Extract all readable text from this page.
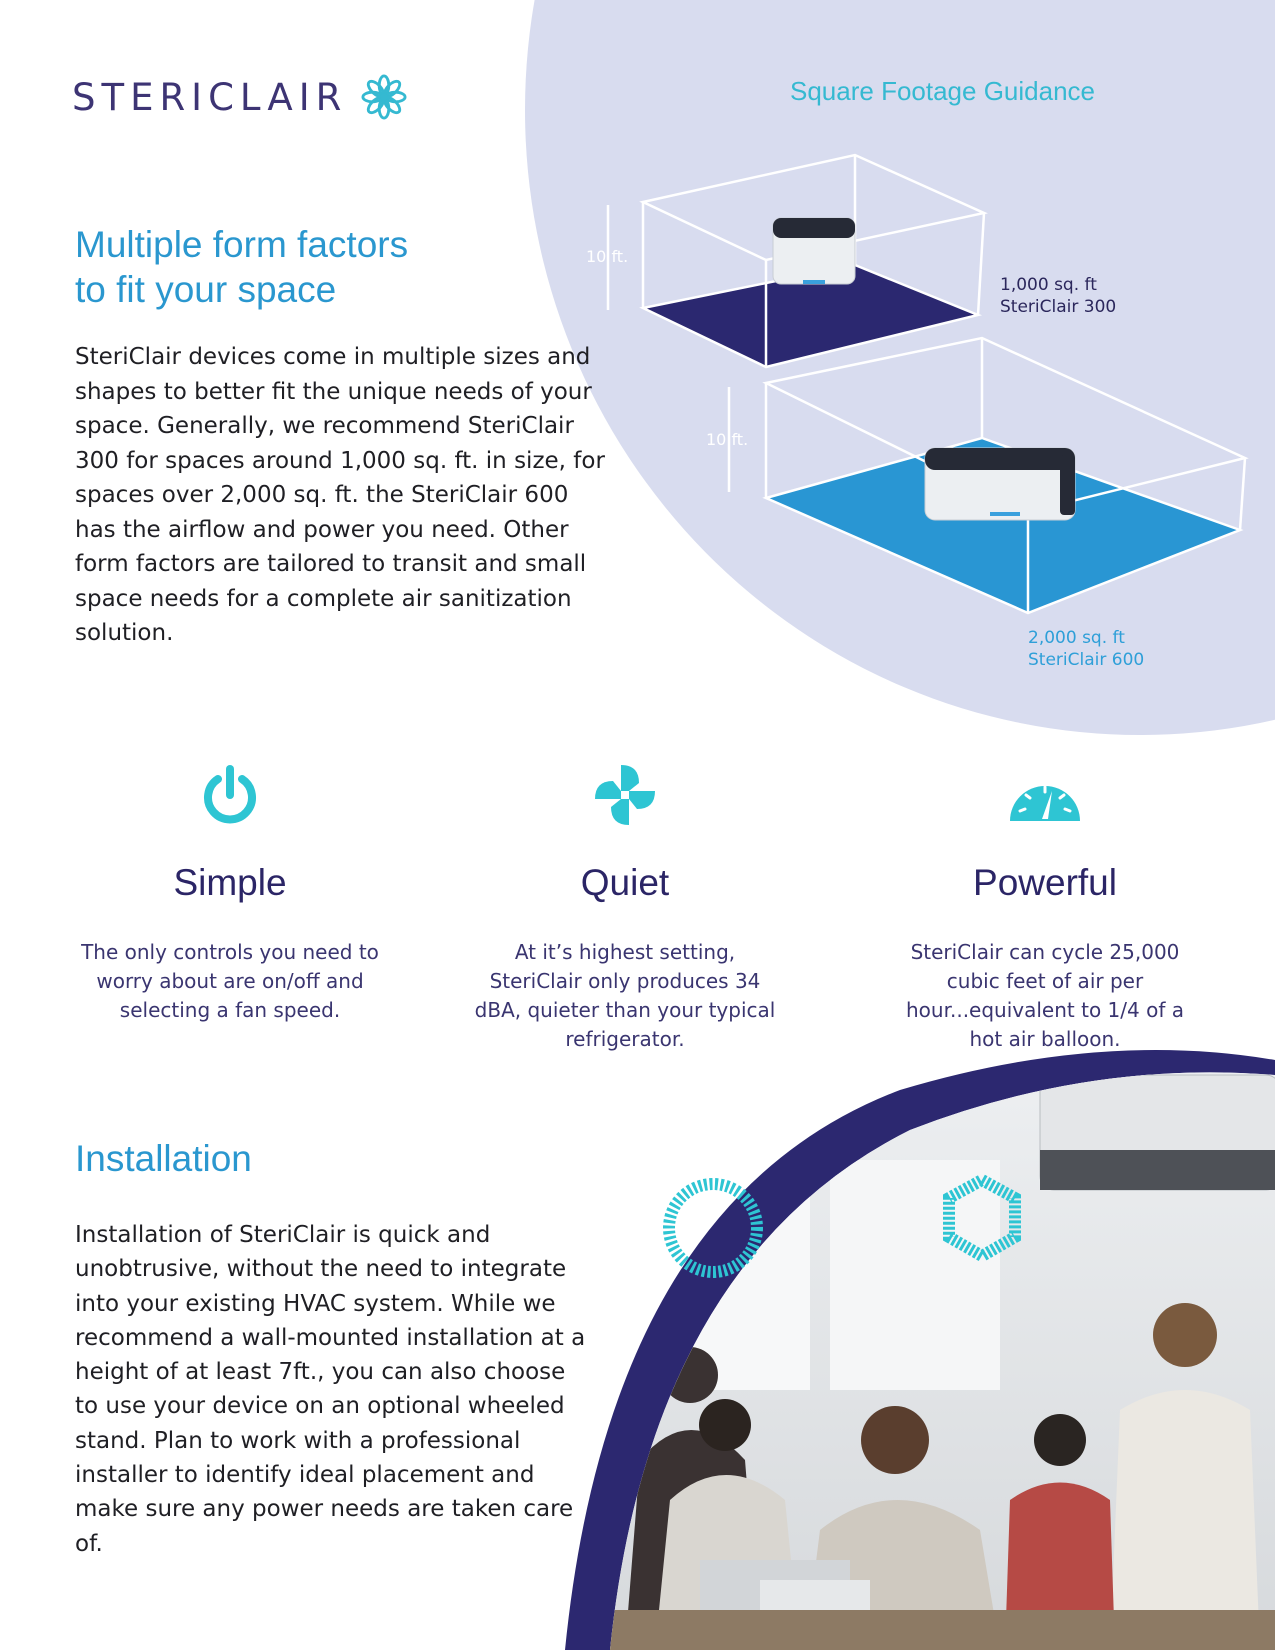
STERICLAIR	Square Footage Guidance
10 ft.
10 ft.
1,000 sq. ft
SteriClair 300
2,000 sq. ft
SteriClair 600
Multiple form factors
to fit your space
SteriClair devices come in multiple sizes and shapes to better fit the unique needs of your space. Generally, we recommend SteriClair 300 for spaces around 1,000 sq. ft. in size, for spaces over 2,000 sq. ft. the SteriClair 600 has the airflow and power you need. Other form factors are tailored to transit and small space needs for a complete air sanitization solution.
Simple

The only controls you need to worry about are on/off and selecting a fan speed.

Quiet

At it’s highest setting, SteriClair only produces 34 dBA, quieter than your typical refrigerator.

Powerful

SteriClair can cycle 25,000 cubic feet of air per hour...equivalent to 1/4 of a hot air balloon.

Installation
Installation of SteriClair is quick and unobtrusive, without the need to integrate into your existing HVAC system. While we recommend a wall-mounted installation at a height of at least 7ft., you can also choose to use your device on an optional wheeled stand. Plan to work with a professional installer to identify ideal placement and make sure any power needs are taken care of.
